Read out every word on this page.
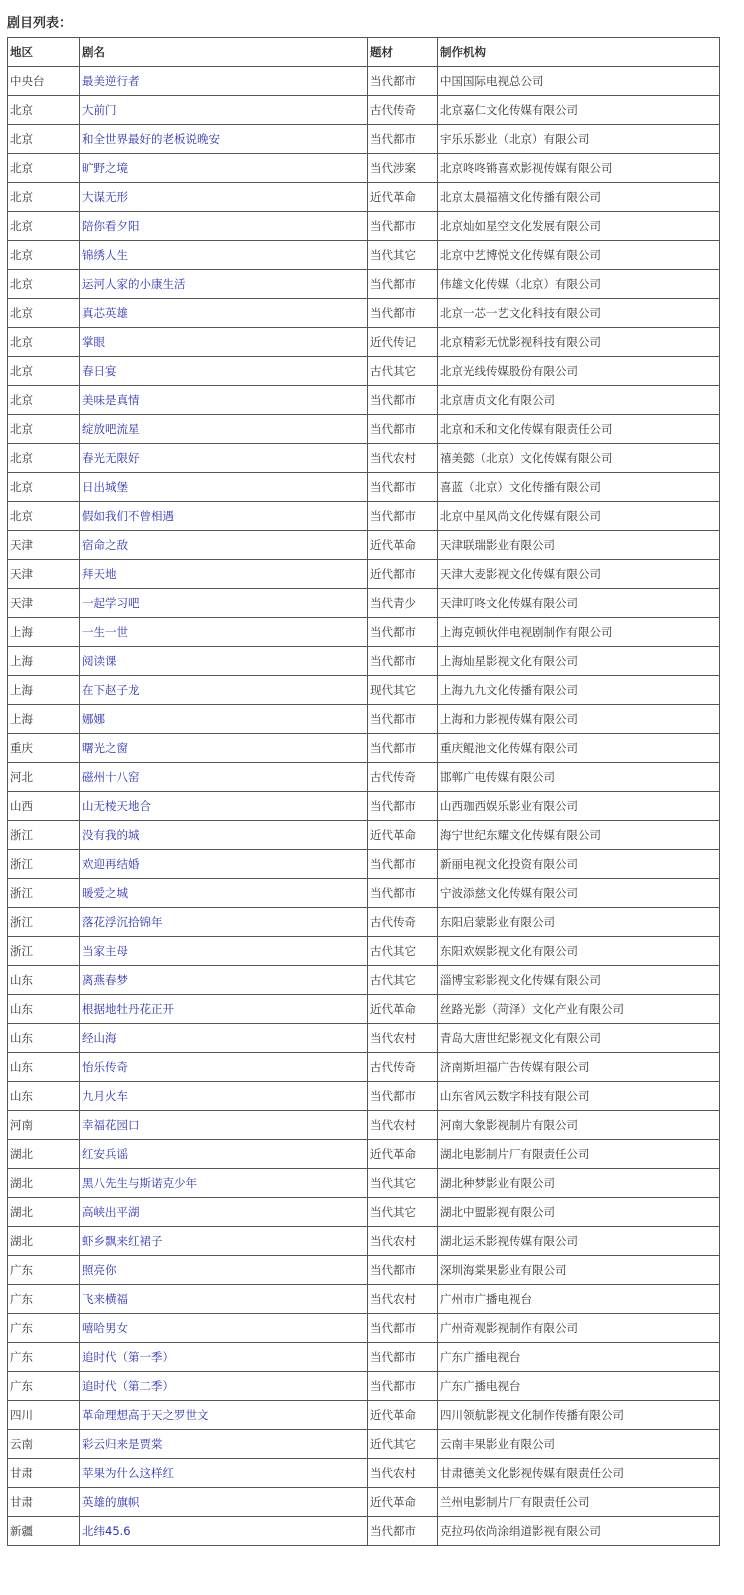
剧目列表：
地区	剧名	题材	制作机构
中央台	最美逆行者	当代都市	中国国际电视总公司
北京	大前门	古代传奇	北京嘉仁文化传媒有限公司
北京	和全世界最好的老板说晚安	当代都市	宇乐乐影业（北京）有限公司
北京	旷野之境	当代涉案	北京咚咚锵喜欢影视传媒有限公司
北京	大谋无形	近代革命	北京太晨福禧文化传播有限公司
北京	陪你看夕阳	当代都市	北京灿如星空文化发展有限公司
北京	锦绣人生	当代其它	北京中艺博悦文化传媒有限公司
北京	运河人家的小康生活	当代都市	伟雄文化传媒（北京）有限公司
北京	真芯英雄	当代都市	北京一芯一艺文化科技有限公司
北京	掌眼	近代传记	北京精彩无忧影视科技有限公司
北京	春日宴	古代其它	北京光线传媒股份有限公司
北京	美味是真情	当代都市	北京唐贞文化有限公司
北京	绽放吧流星	当代都市	北京和禾和文化传媒有限责任公司
北京	春光无限好	当代农村	禧美懿（北京）文化传媒有限公司
北京	日出城堡	当代都市	喜蓝（北京）文化传播有限公司
北京	假如我们不曾相遇	当代都市	北京中星风尚文化传媒有限公司
天津	宿命之敌	近代革命	天津联瑞影业有限公司
天津	拜天地	近代都市	天津大麦影视文化传媒有限公司
天津	一起学习吧	当代青少	天津叮咚文化传媒有限公司
上海	一生一世	当代都市	上海克顿伙伴电视剧制作有限公司
上海	阅读课	当代都市	上海灿星影视文化有限公司
上海	在下赵子龙	现代其它	上海九九文化传播有限公司
上海	娜娜	当代都市	上海和力影视传媒有限公司
重庆	曙光之窗	当代都市	重庆鲲池文化传媒有限公司
河北	磁州十八窑	古代传奇	邯郸广电传媒有限公司
山西	山无棱天地合	当代都市	山西珈西娱乐影业有限公司
浙江	没有我的城	近代革命	海宁世纪东耀文化传媒有限公司
浙江	欢迎再结婚	当代都市	新丽电视文化投资有限公司
浙江	暖爱之城	当代都市	宁波添慈文化传媒有限公司
浙江	落花浮沉拾锦年	古代传奇	东阳启蒙影业有限公司
浙江	当家主母	古代其它	东阳欢娱影视文化有限公司
山东	离燕春梦	古代其它	淄博宝彩影视文化传媒有限公司
山东	根据地牡丹花正开	近代革命	丝路光影（菏泽）文化产业有限公司
山东	经山海	当代农村	青岛大唐世纪影视文化有限公司
山东	怡乐传奇	古代传奇	济南斯坦福广告传媒有限公司
山东	九月火车	当代都市	山东省风云数字科技有限公司
河南	幸福花园口	当代农村	河南大象影视制片有限公司
湖北	红安兵谣	近代革命	湖北电影制片厂有限责任公司
湖北	黑八先生与斯诺克少年	当代其它	湖北种梦影业有限公司
湖北	高峡出平湖	当代其它	湖北中盟影视有限公司
湖北	虾乡飘来红裙子	当代农村	湖北运禾影视传媒有限公司
广东	照亮你	当代都市	深圳海棠果影业有限公司
广东	飞来横福	当代农村	广州市广播电视台
广东	嘻哈男女	当代都市	广州奇观影视制作有限公司
广东	追时代（第一季）	当代都市	广东广播电视台
广东	追时代（第二季）	当代都市	广东广播电视台
四川	革命理想高于天之罗世文	近代革命	四川领航影视文化制作传播有限公司
云南	彩云归来是贾棠	近代其它	云南丰果影业有限公司
甘肃	苹果为什么这样红	当代农村	甘肃德美文化影视传媒有限责任公司
甘肃	英雄的旗帜	近代革命	兰州电影制片厂有限责任公司
新疆	北纬45.6	当代都市	克拉玛依尚涂绢道影视有限公司
